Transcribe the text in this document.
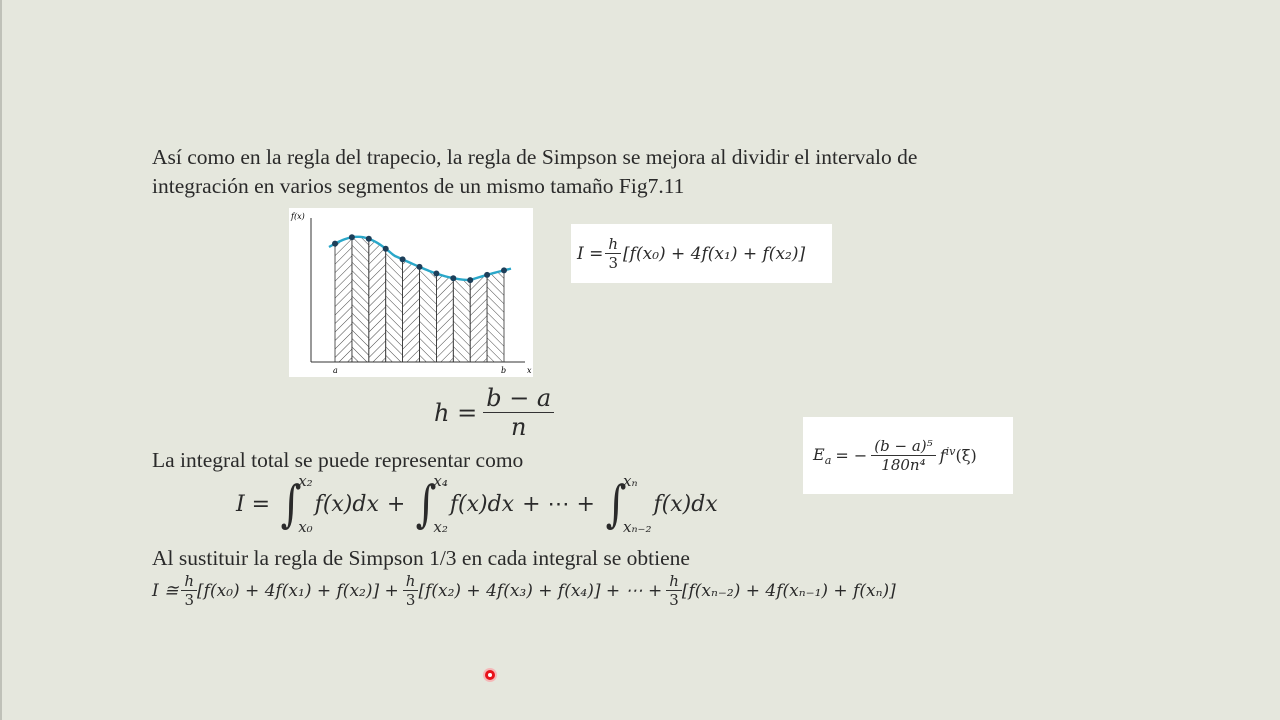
Así como en la regla del trapecio, la regla de Simpson se mejora al dividir el intervalo de
integración en varios segmentos de un mismo tamaño Fig7.11
f(x)
x
a	b
$I = \frac{h}{3} [f(x_0) + 4f(x_1) + f(x_2)]$
$h = \frac{b - a}{n}$
$E_a$ = − $\frac{\text{(b − a)⁵}}{\text{180n⁴}} f^{iv}(\xi)$
La integral total se puede representar como
I = ∫
x₂
x₀
f(x)dx + ∫
x₄
x₂
f(x)dx + ⋯ + ∫
xₙ
xₙ₋₂
f(x)dx
Al sustituir la regla de Simpson 1/3 en cada integral se obtiene
I ≅ $\frac{h}{3} [f(x_0) + 4f(x_1) + f(x_2)] + \frac{h}{3} [f(x_2) + 4f(x_3) + f(x_4)]$ + ⋯ + $\frac{h}{3} [f(x_{n-2}) + 4f(x_{n-1}) + f(x_n)]$
